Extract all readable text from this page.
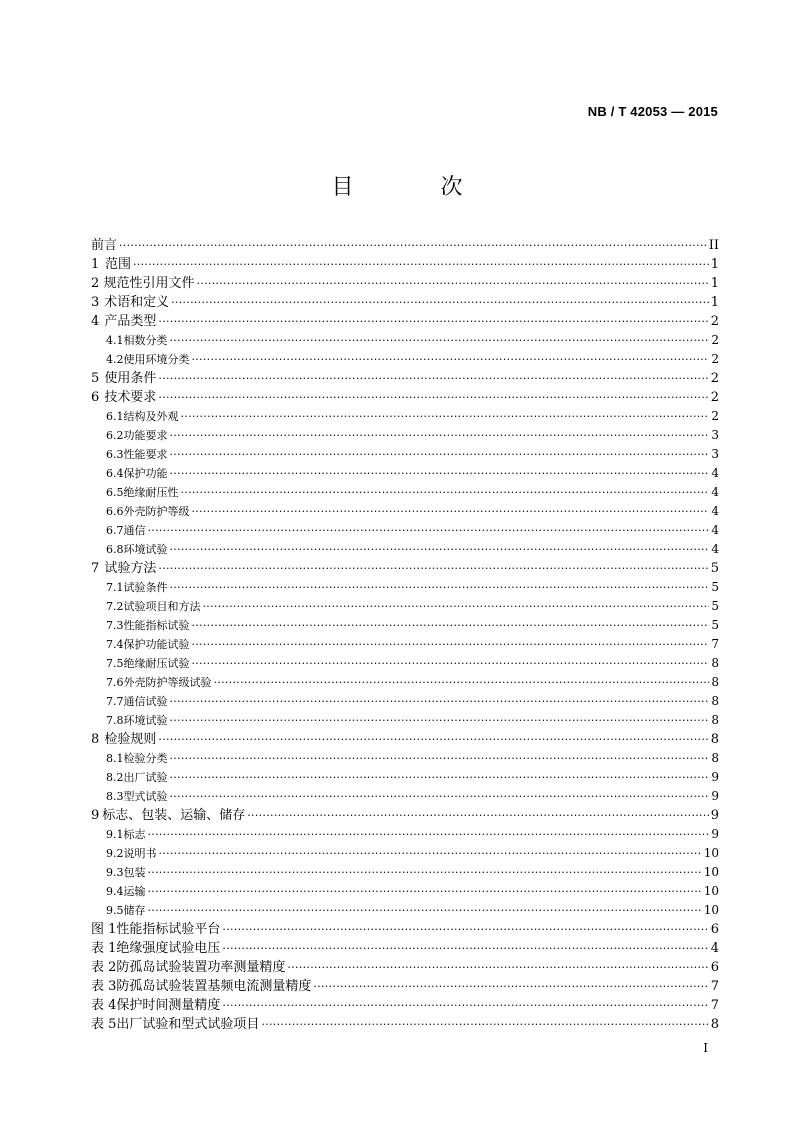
NB / T 42053 — 2015
目 次
前言 ·····	II
1 范围 ·····	1
2 规范性引用文件 ·····	1
3 术语和定义 ·····	1
4 产品类型 ·····	2
4.1 相数分类 ·····	2
4.2 使用环境分类 ·····	2
5 使用条件 ·····	2
6 技术要求 ·····	2
6.1 结构及外观 ·····	2
6.2 功能要求 ·····	3
6.3 性能要求 ·····	3
6.4 保护功能 ·····	4
6.5 绝缘耐压性 ·····	4
6.6 外壳防护等级 ·····	4
6.7 通信 ·····	4
6.8 环境试验 ·····	4
7 试验方法 ·····	5
7.1 试验条件 ·····	5
7.2 试验项目和方法 ·····	5
7.3 性能指标试验 ·····	5
7.4 保护功能试验 ·····	7
7.5 绝缘耐压试验 ·····	8
7.6 外壳防护等级试验 ·····	8
7.7 通信试验 ·····	8
7.8 环境试验 ·····	8
8 检验规则 ·····	8
8.1 检验分类 ·····	8
8.2 出厂试验 ·····	9
8.3 型式试验 ·····	9
9 标志、包装、运输、储存 ·····	9
9.1 标志 ·····	9
9.2 说明书 ·····	10
9.3 包装 ·····	10
9.4 运输 ·····	10
9.5 储存 ·····	10
图 1 性能指标试验平台 ·····	6
表 1 绝缘强度试验电压 ·····	4
表 2 防孤岛试验装置功率测量精度 ·····	6
表 3 防孤岛试验装置基频电流测量精度 ·····	7
表 4 保护时间测量精度 ·····	7
表 5 出厂试验和型式试验项目 ·····	8
I
